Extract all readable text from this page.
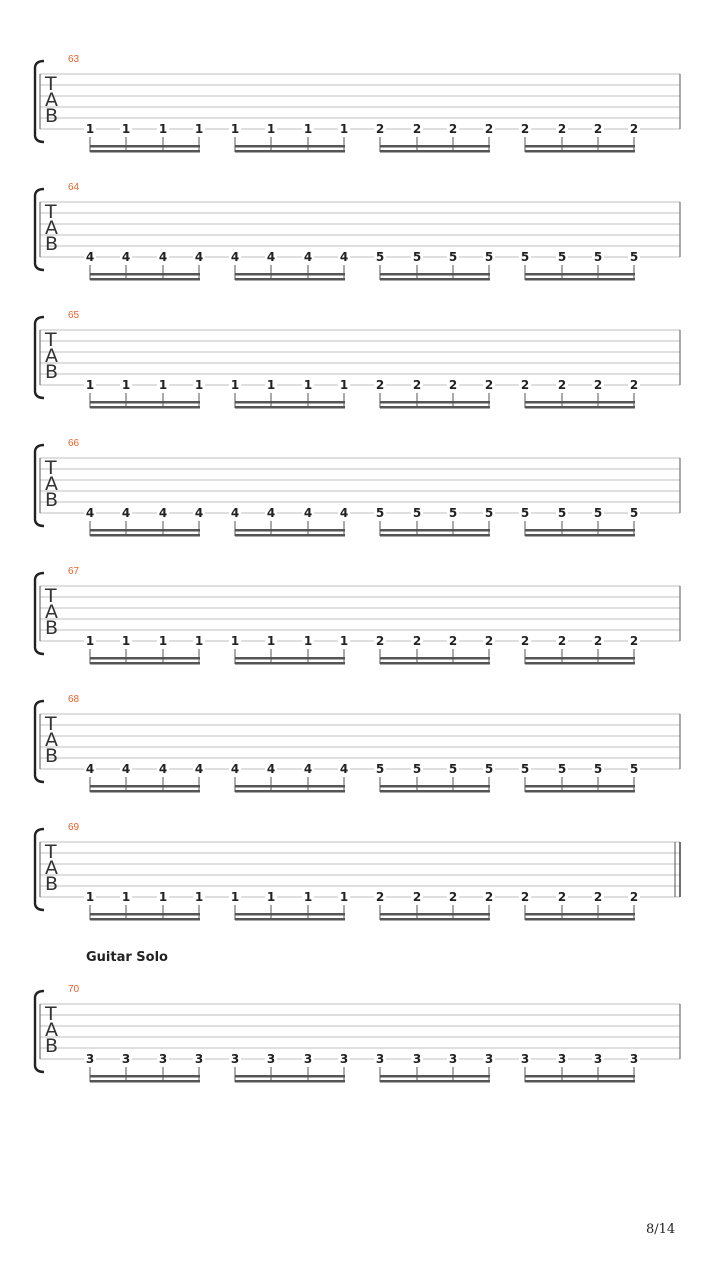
63
T
A
B
1 1 1 1 1 1 1 1 2 2 2 2 2 2 2 2
64
T
A
B
4 4 4 4 4 4 4 4 5 5 5 5 5 5 5 5
65
T
A
B
1 1 1 1 1 1 1 1 2 2 2 2 2 2 2 2
66
T
A
B
4 4 4 4 4 4 4 4 5 5 5 5 5 5 5 5
67
T
A
B
1 1 1 1 1 1 1 1 2 2 2 2 2 2 2 2
68
T
A
B
4 4 4 4 4 4 4 4 5 5 5 5 5 5 5 5
69
T
A
B
1 1 1 1 1 1 1 1 2 2 2 2 2 2 2 2
70
T
A
B
3 3 3 3 3 3 3 3 3 3 3 3 3 3 3 3
Guitar Solo
8/14
